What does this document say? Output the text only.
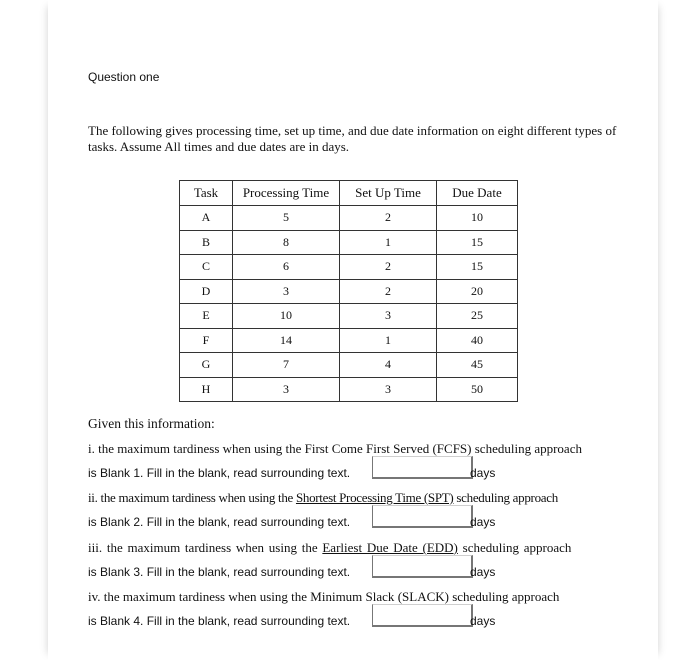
Question one
The following gives processing time, set up time, and due date information on eight different types of tasks. Assume All times and due dates are in days.
Task	Processing Time	Set Up Time	Due Date
A	5	2	10
B	8	1	15
C	6	2	15
D	3	2	20
E	10	3	25
F	14	1	40
G	7	4	45
H	3	3	50
Given this information:
i. the maximum tardiness when using the First Come First Served (FCFS) scheduling approach
is Blank 1. Fill in the blank, read surrounding text.	days
ii. the maximum tardiness when using the Shortest Processing Time (SPT) scheduling approach
is Blank 2. Fill in the blank, read surrounding text.	days
iii. the maximum tardiness when using the Earliest Due Date (EDD) scheduling approach
is Blank 3. Fill in the blank, read surrounding text.	days
iv. the maximum tardiness when using the Minimum Slack (SLACK) scheduling approach
is Blank 4. Fill in the blank, read surrounding text.	days
